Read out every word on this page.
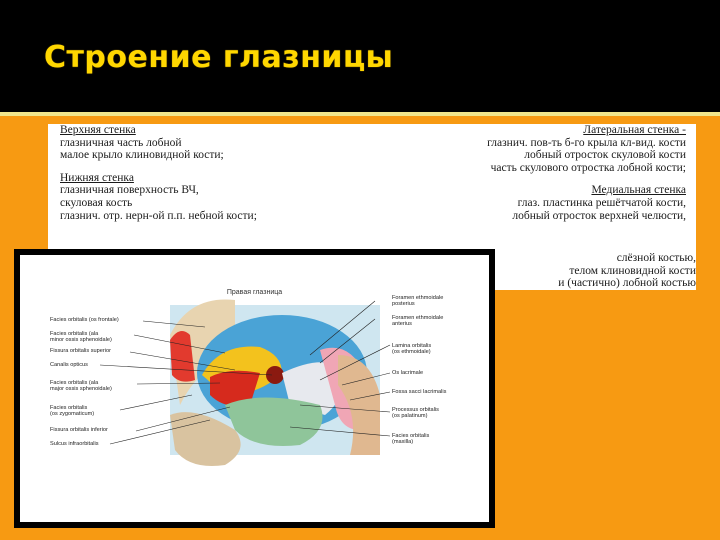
Строение глазницы
Верхняя стенка
глазничная часть лобной
малое крыло клиновидной кости;
Нижняя стенка
глазничная поверхность ВЧ,
скуловая кость
глазнич. отр. нерн-ой п.п. небной кости;
Латеральная стенка -
глазнич. пов-ть б-го крыла кл-вид. кости
лобный отросток скуловой кости
часть скулового отростка лобной кости;
Медиальная стенка
глаз. пластинка решётчатой кости,
лобный отросток верхней челюсти,
слёзной костью,
телом клиновидной кости
и (частично) лобной костью
Правая глазница
Facies orbitalis (os frontale)
Facies orbitalis (ala
minor ossis sphenoidale)
Fissura orbitalis superior
Canalis opticus
Facies orbitalis (ala
major ossis sphenoidale)
Facies orbitalis
(os zygomaticum)
Fissura orbitalis inferior
Sulcus infraorbitalis
Foramen ethmoidale
posterius
Foramen ethmoidale
anterius
Lamina orbitalis
(os ethmoidale)
Os lacrimale
Fossa sacci lacrimalis
Processus orbitalis
(os palatinum)
Facies orbitalis
(maxilla)
